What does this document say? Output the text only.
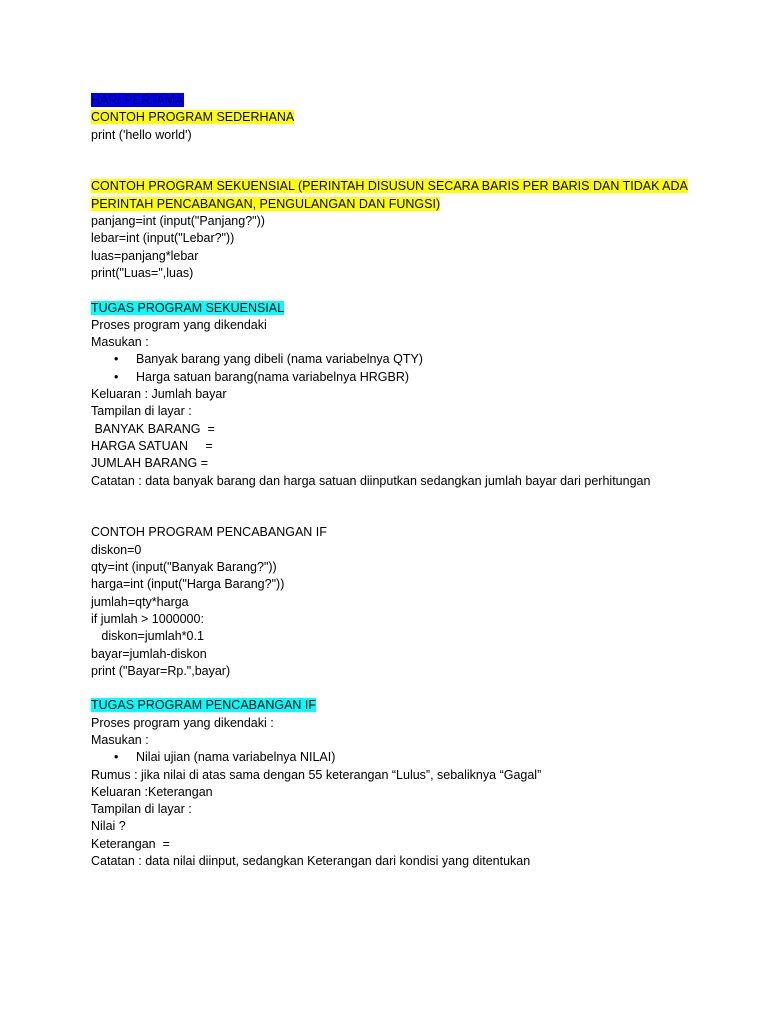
HARI PERTAMA
CONTOH PROGRAM SEDERHANA
print ('hello world')
CONTOH PROGRAM SEKUENSIAL (PERINTAH DISUSUN SECARA BARIS PER BARIS DAN TIDAK ADA PERINTAH PENCABANGAN, PENGULANGAN DAN FUNGSI)
panjang=int (input("Panjang?"))
lebar=int (input("Lebar?"))
luas=panjang*lebar
print("Luas=",luas)
TUGAS PROGRAM SEKUENSIAL
Proses program yang dikendaki
Masukan :
• Banyak barang yang dibeli (nama variabelnya QTY)
• Harga satuan barang(nama variabelnya HRGBR)
Keluaran : Jumlah bayar
Tampilan di layar :
BANYAK BARANG  =
HARGA SATUAN     =
JUMLAH BARANG =
Catatan : data banyak barang dan harga satuan diinputkan sedangkan jumlah bayar dari perhitungan
CONTOH PROGRAM PENCABANGAN IF
diskon=0
qty=int (input("Banyak Barang?"))
harga=int (input("Harga Barang?"))
jumlah=qty*harga
if jumlah > 1000000:
diskon=jumlah*0.1
bayar=jumlah-diskon
print ("Bayar=Rp.",bayar)
TUGAS PROGRAM PENCABANGAN IF
Proses program yang dikendaki :
Masukan :
• Nilai ujian (nama variabelnya NILAI)
Rumus : jika nilai di atas sama dengan 55 keterangan “Lulus”, sebaliknya “Gagal”
Keluaran :Keterangan
Tampilan di layar :
Nilai ?
Keterangan  =
Catatan : data nilai diinput, sedangkan Keterangan dari kondisi yang ditentukan
